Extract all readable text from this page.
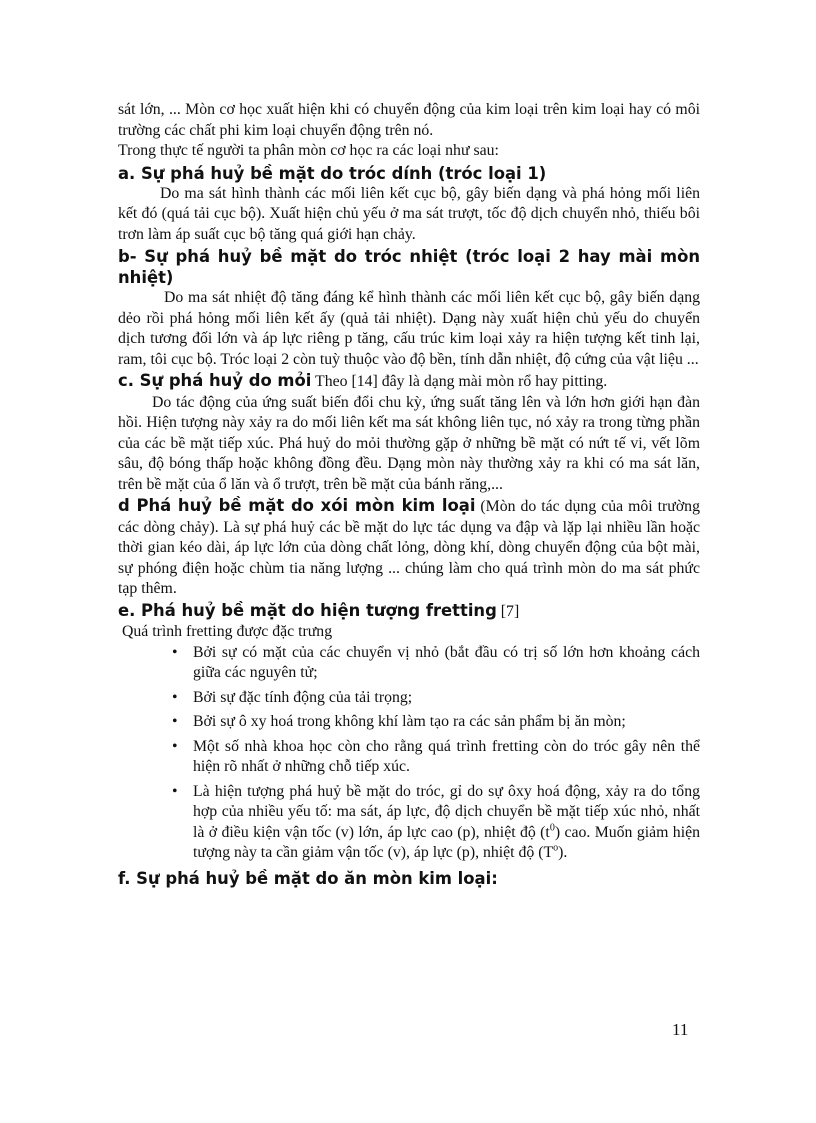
sát lớn, ... Mòn cơ học xuất hiện khi có chuyển động của kim loại trên kim loại hay có môi trường các chất phi kim loại chuyển động trên nó.

Trong thực tế người ta phân mòn cơ học ra các loại như sau:

a. Sự phá huỷ bề mặt do tróc dính (tróc loại 1)

Do ma sát hình thành các mối liên kết cục bộ, gây biến dạng và phá hỏng mối liên kết đó (quá tải cục bộ). Xuất hiện chủ yếu ở ma sát trượt, tốc độ dịch chuyển nhỏ, thiếu bôi trơn làm áp suất cục bộ tăng quá giới hạn chảy.

b- Sự phá huỷ bề mặt do tróc nhiệt (tróc loại 2 hay mài mòn nhiệt)

Do ma sát nhiệt độ tăng đáng kể hình thành các mối liên kết cục bộ, gây biến dạng dẻo rồi phá hỏng mối liên kết ấy (quả tải nhiệt). Dạng này xuất hiện chủ yếu do chuyển dịch tương đối lớn và áp lực riêng p tăng, cấu trúc kim loại xảy ra hiện tượng kết tinh lại, ram, tôi cục bộ. Tróc loại 2 còn tuỳ thuộc vào độ bền, tính dẫn nhiệt, độ cứng của vật liệu ...

c. Sự phá huỷ do mỏi Theo [14] đây là dạng mài mòn rổ hay pitting.

Do tác động của ứng suất biến đổi chu kỳ, ứng suất tăng lên và lớn hơn giới hạn đàn hồi. Hiện tượng này xảy ra do mối liên kết ma sát không liên tục, nó xảy ra trong từng phần của các bề mặt tiếp xúc. Phá huỷ do mỏi thường gặp ở những bề mặt có nứt tế vi, vết lõm sâu, độ bóng thấp hoặc không đồng đều. Dạng mòn này thường xảy ra khi có ma sát lăn, trên bề mặt của ổ lăn và ổ trượt, trên bề mặt của bánh răng,...

d Phá huỷ bề mặt do xói mòn kim loại (Mòn do tác dụng của môi trường các dòng chảy). Là sự phá huỷ các bề mặt do lực tác dụng va đập và lặp lại nhiều lần hoặc thời gian kéo dài, áp lực lớn của dòng chất lỏng, dòng khí, dòng chuyển động của bột mài, sự phóng điện hoặc chùm tia năng lượng ... chúng làm cho quá trình mòn do ma sát phức tạp thêm.

e. Phá huỷ bề mặt do hiện tượng fretting [7]

Quá trình fretting được đặc trưng

• Bởi sự có mặt của các chuyển vị nhỏ (bắt đầu có trị số lớn hơn khoảng cách giữa các nguyên tử;
• Bởi sự đặc tính động của tải trọng;
• Bởi sự ô xy hoá trong không khí làm tạo ra các sản phẩm bị ăn mòn;
• Một số nhà khoa học còn cho rằng quá trình fretting còn do tróc gây nên thể hiện rõ nhất ở những chỗ tiếp xúc.
• Là hiện tượng phá huỷ bề mặt do tróc, gỉ do sự ôxy hoá động, xảy ra do tổng hợp của nhiều yếu tố: ma sát, áp lực, độ dịch chuyển bề mặt tiếp xúc nhỏ, nhất là ở điều kiện vận tốc (v) lớn, áp lực cao (p), nhiệt độ $(t^0)$ cao. Muốn giảm hiện tượng này ta cần giảm vận tốc (v), áp lực (p), nhiệt độ $(T^o)$.

f. Sự phá huỷ bề mặt do ăn mòn kim loại:

11
